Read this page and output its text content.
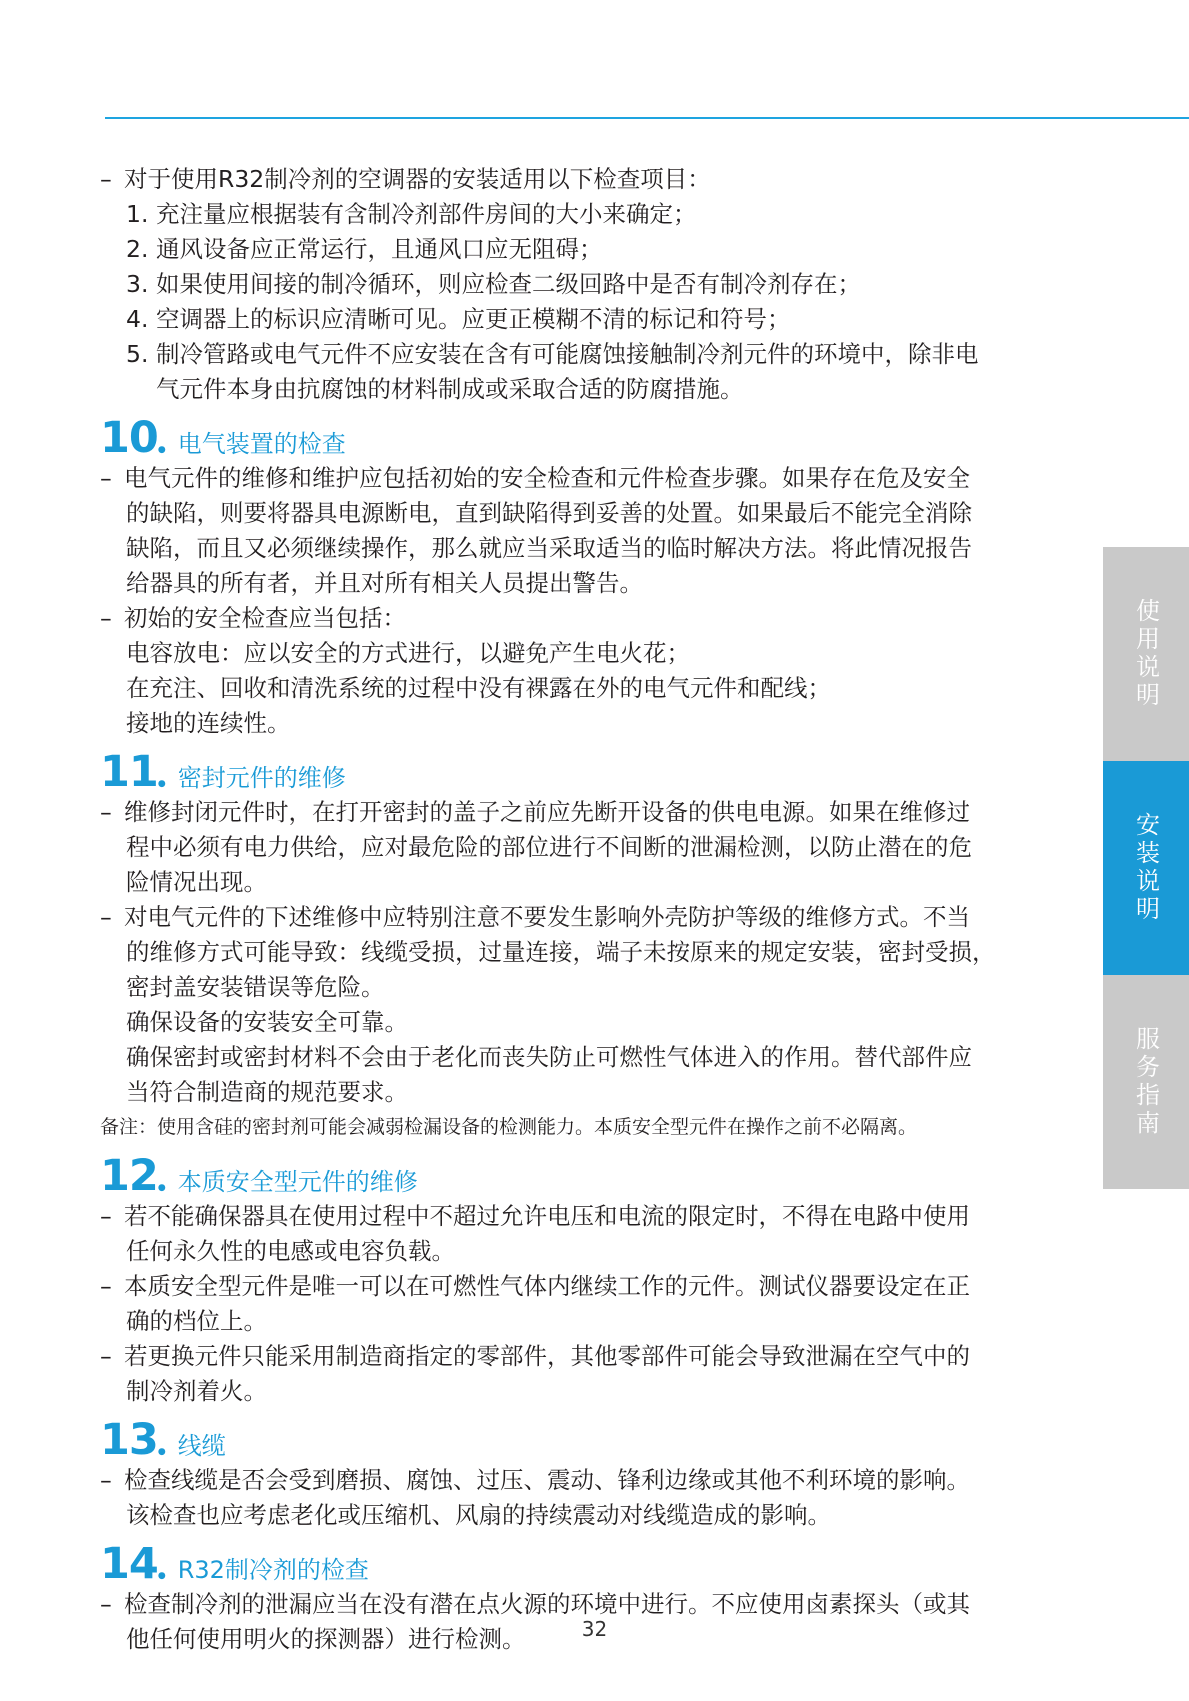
– 对于使用R32制冷剂的空调器的安装适用以下检查项目：
1. 充注量应根据装有含制冷剂部件房间的大小来确定；
2. 通风设备应正常运行，且通风口应无阻碍；
3. 如果使用间接的制冷循环，则应检查二级回路中是否有制冷剂存在；
4. 空调器上的标识应清晰可见。应更正模糊不清的标记和符号；
5. 制冷管路或电气元件不应安装在含有可能腐蚀接触制冷剂元件的环境中，除非电
气元件本身由抗腐蚀的材料制成或采取合适的防腐措施。
10 ● 电气装置的检查
– 电气元件的维修和维护应包括初始的安全检查和元件检查步骤。如果存在危及安全
的缺陷，则要将器具电源断电，直到缺陷得到妥善的处置。如果最后不能完全消除
缺陷，而且又必须继续操作，那么就应当采取适当的临时解决方法。将此情况报告
给器具的所有者，并且对所有相关人员提出警告。
– 初始的安全检查应当包括：
电容放电：应以安全的方式进行，以避免产生电火花；
在充注、回收和清洗系统的过程中没有裸露在外的电气元件和配线；
接地的连续性。
11 ● 密封元件的维修
– 维修封闭元件时，在打开密封的盖子之前应先断开设备的供电电源。如果在维修过
程中必须有电力供给，应对最危险的部位进行不间断的泄漏检测，以防止潜在的危
险情况出现。
– 对电气元件的下述维修中应特别注意不要发生影响外壳防护等级的维修方式。不当
的维修方式可能导致：线缆受损，过量连接，端子未按原来的规定安装，密封受损，
密封盖安装错误等危险。
确保设备的安装安全可靠。
确保密封或密封材料不会由于老化而丧失防止可燃性气体进入的作用。替代部件应
当符合制造商的规范要求。
备注：使用含硅的密封剂可能会减弱检漏设备的检测能力。本质安全型元件在操作之前不必隔离。
12 ● 本质安全型元件的维修
– 若不能确保器具在使用过程中不超过允许电压和电流的限定时，不得在电路中使用
任何永久性的电感或电容负载。
– 本质安全型元件是唯一可以在可燃性气体内继续工作的元件。测试仪器要设定在正
确的档位上。
– 若更换元件只能采用制造商指定的零部件，其他零部件可能会导致泄漏在空气中的
制冷剂着火。
13 ● 线缆
– 检查线缆是否会受到磨损、腐蚀、过压、震动、锋利边缘或其他不利环境的影响。
该检查也应考虑老化或压缩机、风扇的持续震动对线缆造成的影响。
14 ● R32制冷剂的检查
– 检查制冷剂的泄漏应当在没有潜在点火源的环境中进行。不应使用卤素探头（或其
他任何使用明火的探测器）进行检测。	32
使用说明
安装说明
服务指南
